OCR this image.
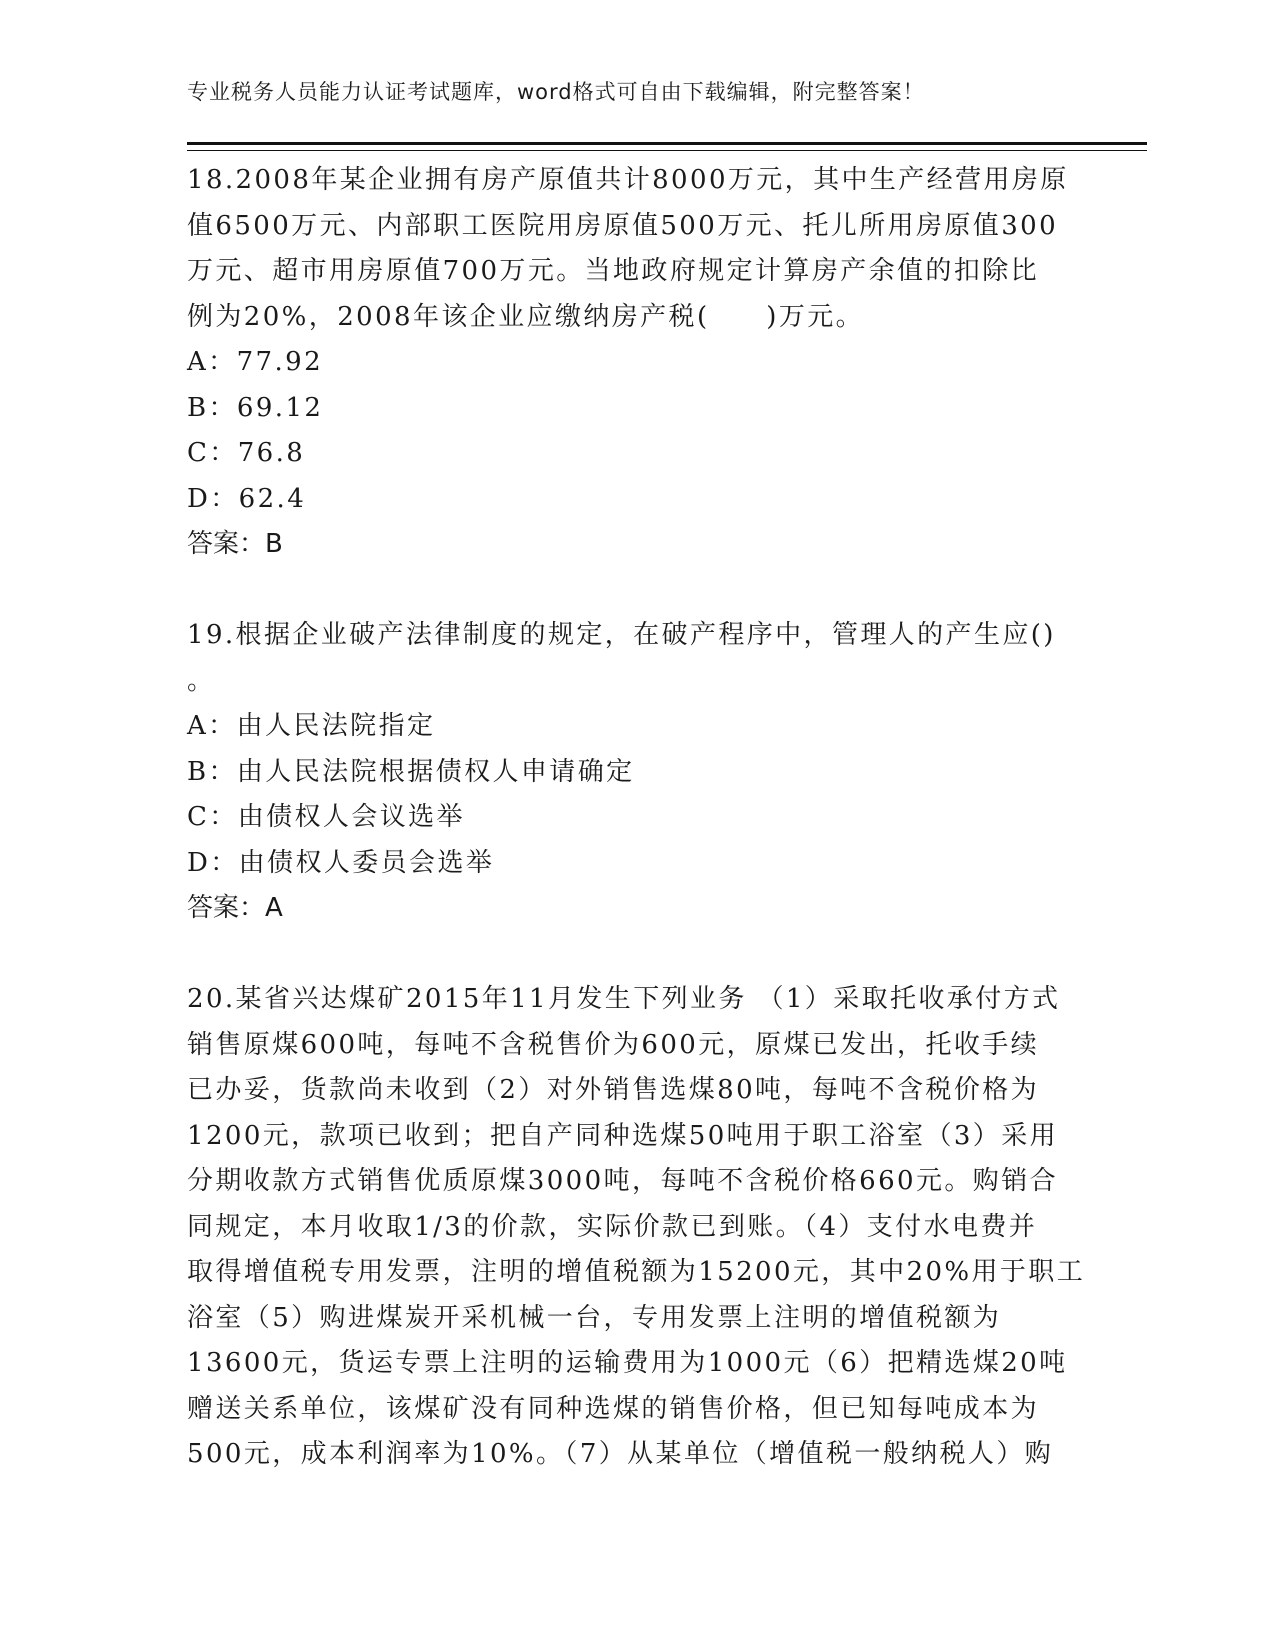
专业税务人员能力认证考试题库，word格式可自由下载编辑，附完整答案！
18.2008年某企业拥有房产原值共计8000万元，其中生产经营用房原
值6500万元、内部职工医院用房原值500万元、托儿所用房原值300
万元、超市用房原值700万元。当地政府规定计算房产余值的扣除比
例为20%，2008年该企业应缴纳房产税(　　)万元。
A：77.92
B：69.12
C：76.8
D：62.4
答案：B
19.根据企业破产法律制度的规定，在破产程序中，管理人的产生应()
。
A：由人民法院指定
B：由人民法院根据债权人申请确定
C：由债权人会议选举
D：由债权人委员会选举
答案：A
20.某省兴达煤矿2015年11月发生下列业务 （1）采取托收承付方式
销售原煤600吨，每吨不含税售价为600元，原煤已发出，托收手续
已办妥，货款尚未收到（2）对外销售选煤80吨，每吨不含税价格为
1200元，款项已收到；把自产同种选煤50吨用于职工浴室（3）采用
分期收款方式销售优质原煤3000吨，每吨不含税价格660元。购销合
同规定，本月收取1/3的价款，实际价款已到账。（4）支付水电费并
取得增值税专用发票，注明的增值税额为15200元，其中20%用于职工
浴室（5）购进煤炭开采机械一台，专用发票上注明的增值税额为
13600元，货运专票上注明的运输费用为1000元（6）把精选煤20吨
赠送关系单位，该煤矿没有同种选煤的销售价格，但已知每吨成本为
500元，成本利润率为10%。（7）从某单位（增值税一般纳税人）购
